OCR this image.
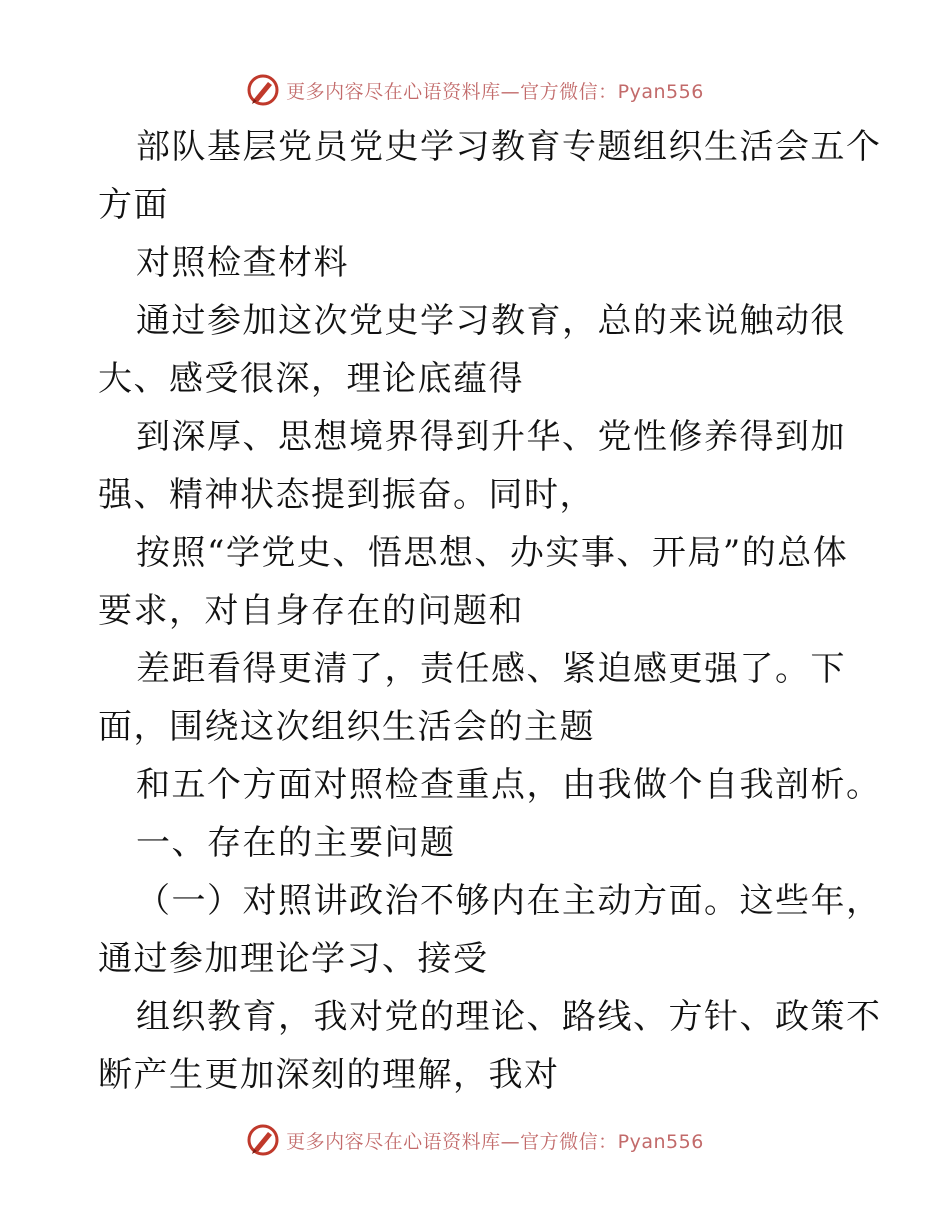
更多内容尽在心语资料库—官方微信：Pyan556
部队基层党员党史学习教育专题组织生活会五个
方面
对照检查材料
通过参加这次党史学习教育，总的来说触动很
大、感受很深，理论底蕴得
到深厚、思想境界得到升华、党性修养得到加
强、精神状态提到振奋。同时，
按照“学党史、悟思想、办实事、开局”的总体
要求，对自身存在的问题和
差距看得更清了，责任感、紧迫感更强了。下
面，围绕这次组织生活会的主题
和五个方面对照检查重点，由我做个自我剖析。
一、存在的主要问题
（一）对照讲政治不够内在主动方面。这些年，
通过参加理论学习、接受
组织教育，我对党的理论、路线、方针、政策不
断产生更加深刻的理解，我对
更多内容尽在心语资料库—官方微信：Pyan556
